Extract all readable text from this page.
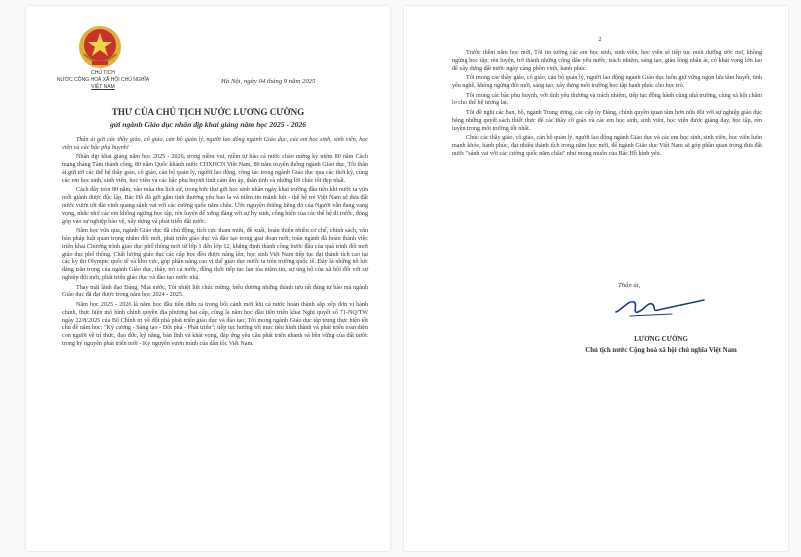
CHỦ TỊCH
NƯỚC CỘNG HOÀ XÃ HỘI CHỦ NGHĨA
VIỆT NAM
Hà Nội, ngày 04 tháng 9 năm 2025
THƯ CỦA CHỦ TỊCH NƯỚC LƯƠNG CƯỜNG
gửi ngành Giáo dục nhân dịp khai giảng năm học 2025 - 2026

Thân ái gửi các thầy giáo, cô giáo, cán bộ quản lý, người lao động ngành Giáo dục, các em học sinh, sinh viên, học viên và các bậc phụ huynh!

Nhân dịp khai giảng năm học 2025 - 2026, trong niềm vui, niềm tự hào cả nước chào mừng kỷ niệm 80 năm Cách mạng tháng Tám thành công, 80 năm Quốc khánh nước CHXHCN Việt Nam, 80 năm truyền thống ngành Giáo dục, Tôi thân ái gửi tới các thế hệ thầy giáo, cô giáo, cán bộ quản lý, người lao động, công tác trong ngành Giáo dục qua các thời kỳ, cùng các em học sinh, sinh viên, học viên và các bậc phụ huynh tình cảm ấm áp, thân tình và những lời chúc tốt đẹp nhất.

Cách đây tròn 80 năm, vào mùa thu lịch sử, trong bức thư gửi học sinh nhân ngày khai trường đầu tiên khi nước ta vừa mới giành được độc lập, Bác Hồ đã gửi gắm tình thương yêu bao la và niềm tin mãnh liệt - thế hệ trẻ Việt Nam sẽ đưa đất nước vươn tới đài vinh quang sánh vai với các cường quốc năm châu. Ước nguyện thiêng liêng đó của Người vẫn đang vang vọng, nhắc nhở các em không ngừng học tập, rèn luyện để xứng đáng với sự hy sinh, cống hiến của các thế hệ đi trước, đóng góp vào sự nghiệp bảo vệ, xây dựng và phát triển đất nước.

Năm học vừa qua, ngành Giáo dục đã chủ động, tích cực tham mưu, đề xuất, hoàn thiện nhiều cơ chế, chính sách, văn bản pháp luật quan trọng nhằm đổi mới, phát triển giáo dục và đào tạo trong giai đoạn mới; toàn ngành đã hoàn thành việc triển khai Chương trình giáo dục phổ thông mới từ lớp 1 đến lớp 12, khẳng định thành công bước đầu của quá trình đổi mới giáo dục phổ thông. Chất lượng giáo dục các cấp học đều được nâng lên; học sinh Việt Nam tiếp tục đạt thành tích cao tại các kỳ thi Olympic quốc tế và khu vực, góp phần nâng cao vị thế giáo dục nước ta trên trường quốc tế. Đây là những nỗ lực đáng trân trọng của ngành Giáo dục, thầy, trò cả nước, đồng thời tiếp tục lan tỏa niềm tin, sự ủng hộ của xã hội đối với sự nghiệp đổi mới, phát triển giáo dục và đào tạo nước nhà.

Thay mặt lãnh đạo Đảng, Nhà nước, Tôi nhiệt liệt chúc mừng, biểu dương những thành tựu rất đáng tự hào mà ngành Giáo dục đã đạt được trong năm học 2024 - 2025.

Năm học 2025 - 2026 là năm học đầu tiên diễn ra trong bối cảnh mới khi cả nước hoàn thành sắp xếp đơn vị hành chính, thực hiện mô hình chính quyền địa phương hai cấp, cũng là năm học đầu tiên triển khai Nghị quyết số 71-NQ/TW ngày 22/8/2025 của Bộ Chính trị về đột phá phát triển giáo dục và đào tạo; Tôi mong ngành Giáo dục tập trung thực hiện tốt chủ đề năm học: "Kỷ cương - Sáng tạo - Đột phá - Phát triển"; tiếp tục hướng tới mục tiêu hình thành và phát triển toàn diện con người về trí thức, đạo đức, kỹ năng, bản lĩnh và khát vọng, đáp ứng yêu cầu phát triển nhanh và bền vững của đất nước trong kỷ nguyên phát triển mới - Kỷ nguyên vươn mình của dân tộc Việt Nam.

2

Trước thềm năm học mới, Tôi tin tưởng các em học sinh, sinh viên, học viên sẽ tiếp tục nuôi dưỡng ước mơ, không ngừng học tập, rèn luyện, trở thành những công dân yêu nước, trách nhiệm, sáng tạo, giàu lòng nhân ái, có khát vọng lớn lao để xây dựng đất nước ngày càng phồn vinh, hạnh phúc.

Tôi mong các thầy giáo, cô giáo, cán bộ quản lý, người lao động ngành Giáo dục luôn giữ vững ngọn lửa tâm huyết, tinh yêu nghề, không ngừng đổi mới, sáng tạo, xây dựng môi trường học tập hạnh phúc cho học trò.

Tôi mong các bậc phụ huynh, với tình yêu thương và trách nhiệm, tiếp tục đồng hành cùng nhà trường, cùng xã hội chăm lo cho thế hệ tương lai.

Tôi đề nghị các ban, bộ, ngành Trung ương, các cấp ủy Đảng, chính quyền quan tâm hơn nữa đối với sự nghiệp giáo dục bằng những quyết sách thiết thực để các thầy cô giáo và các em học sinh, sinh viên, học viên được giảng dạy, học tập, rèn luyện trong môi trường tốt nhất.

Chúc các thầy giáo, cô giáo, cán bộ quản lý, người lao động ngành Giáo dục và các em học sinh, sinh viên, học viên luôn mạnh khỏe, hạnh phúc, đạt nhiều thành tích trong năm học mới, để ngành Giáo dục Việt Nam sẽ góp phần quan trọng đưa đất nước "sánh vai với các cường quốc năm châu" như mong muốn của Bác Hồ kính yêu.

Thân ái,
LƯƠNG CƯỜNG
Chủ tịch nước Cộng hoà xã hội chủ nghĩa Việt Nam
